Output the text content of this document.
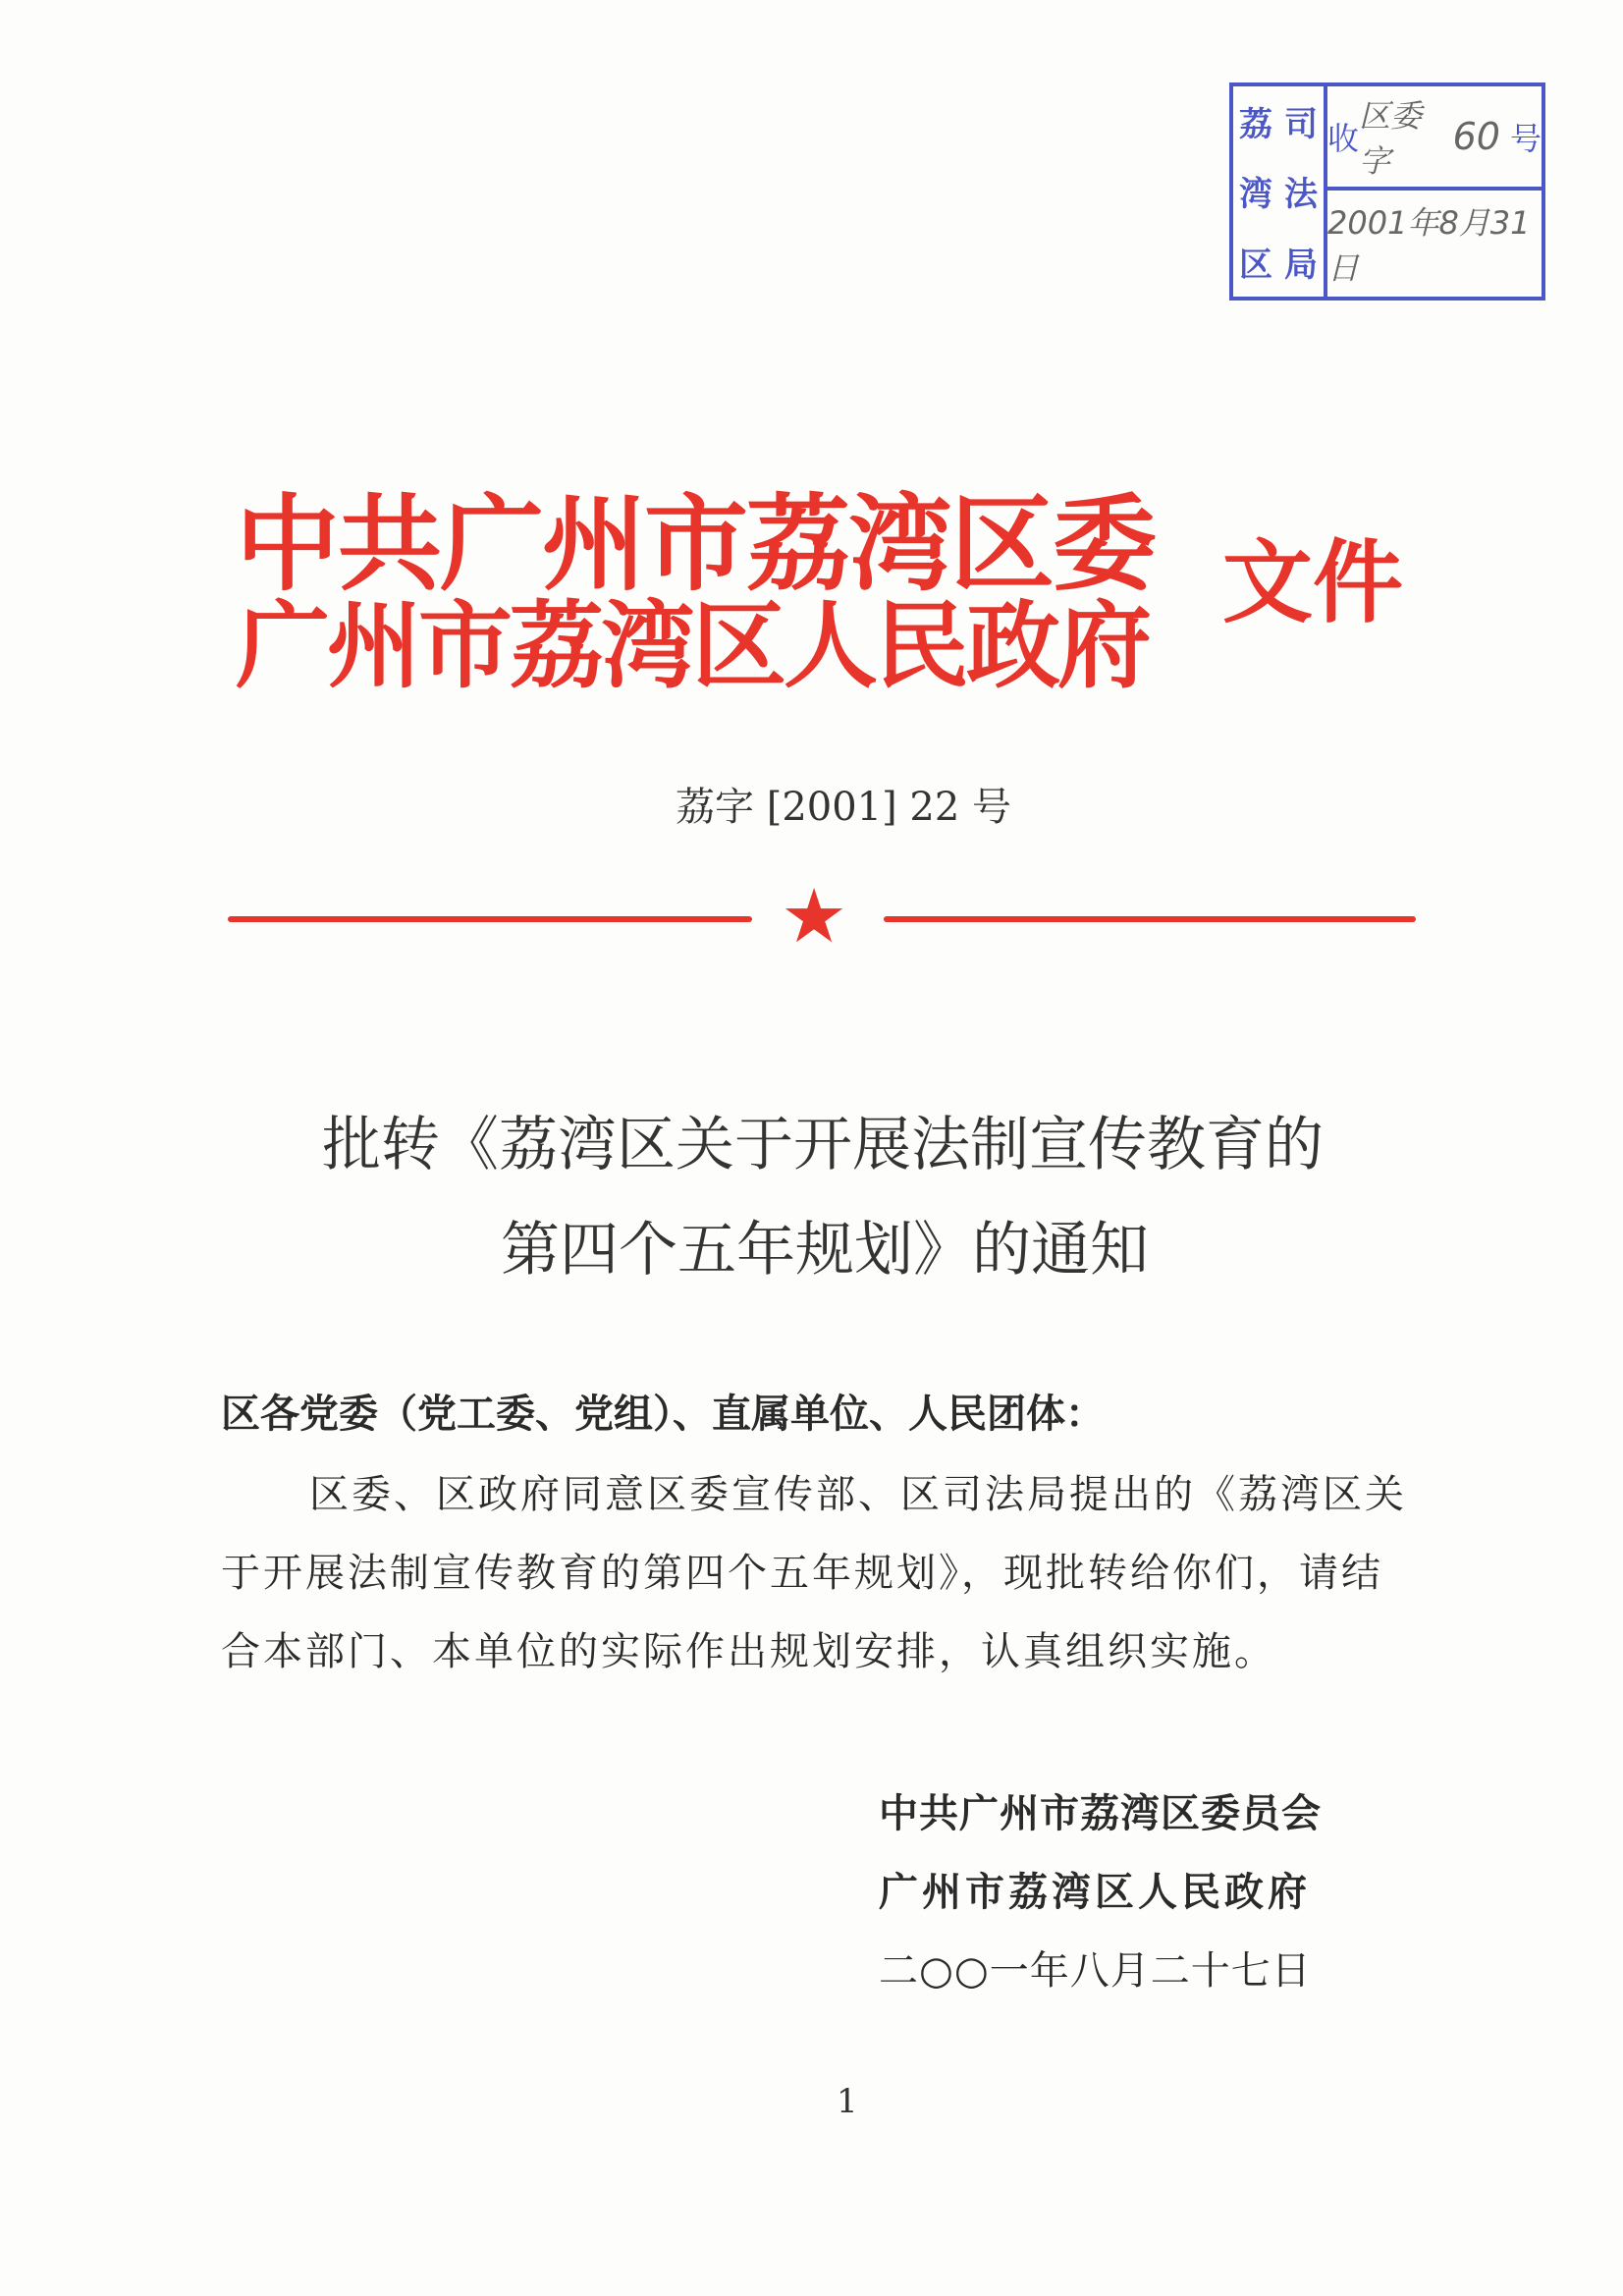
荔 司
湾 法
区 局
收
区委字
60 号
2001年8月31日
中共广州市荔湾区委
广州市荔湾区人民政府
文件
荔字 [2001] 22 号
★
批转《荔湾区关于开展法制宣传教育的
第四个五年规划》的通知
区各党委（党工委、党组）、直属单位、人民团体：
区委、区政府同意区委宣传部、区司法局提出的《荔湾区关
于开展法制宣传教育的第四个五年规划》，现批转给你们，请结
合本部门、本单位的实际作出规划安排，认真组织实施。
中共广州市荔湾区委员会
广州市荔湾区人民政府
二○○一年八月二十七日
1
